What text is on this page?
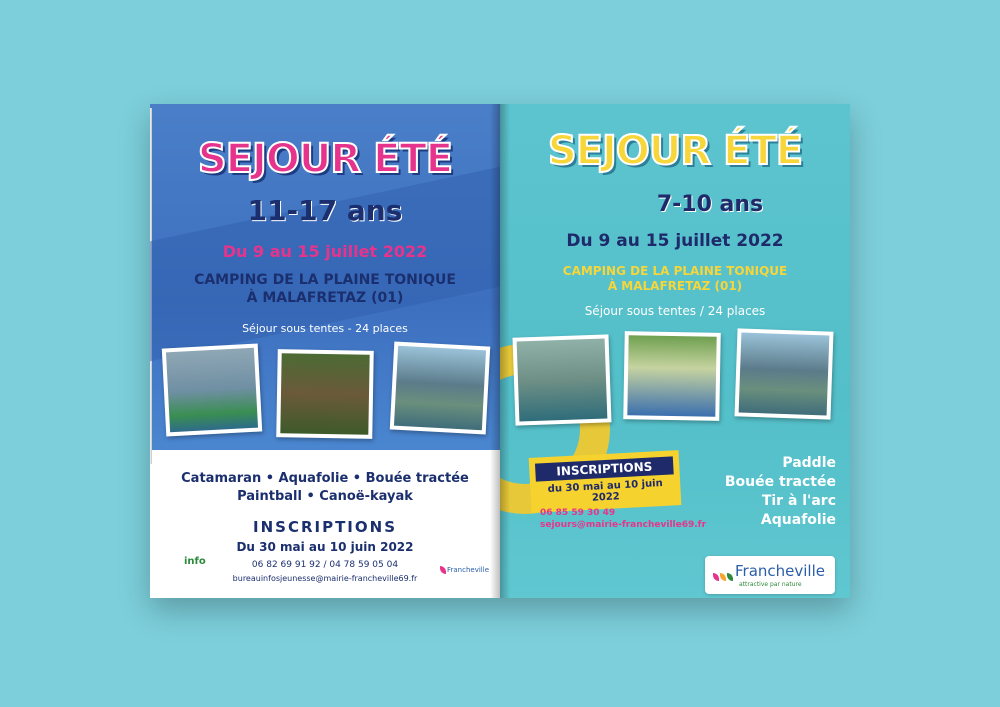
SEJOUR ÉTÉ
11-17 ans
Du 9 au 15 juillet 2022
CAMPING DE LA PLAINE TONIQUE
À MALAFRETAZ (01)
Séjour sous tentes - 24 places
Catamaran • Aquafolie • Bouée tractée
Paintball • Canoë-kayak
INSCRIPTIONS
Du 30 mai au 10 juin 2022
06 82 69 91 92 / 04 78 59 05 04
bureauinfosjeunesse@mairie-francheville69.fr
info
Francheville
SEJOUR ÉTÉ
7-10 ans
Du 9 au 15 juillet 2022
CAMPING DE LA PLAINE TONIQUE
À MALAFRETAZ (01)
Séjour sous tentes / 24 places
INSCRIPTIONS
du 30 mai au 10 juin 2022
06 85 59 30 49
sejours@mairie-francheville69.fr
Paddle
Bouée tractée
Tir à l'arc
Aquafolie
Francheville
attractive par nature
